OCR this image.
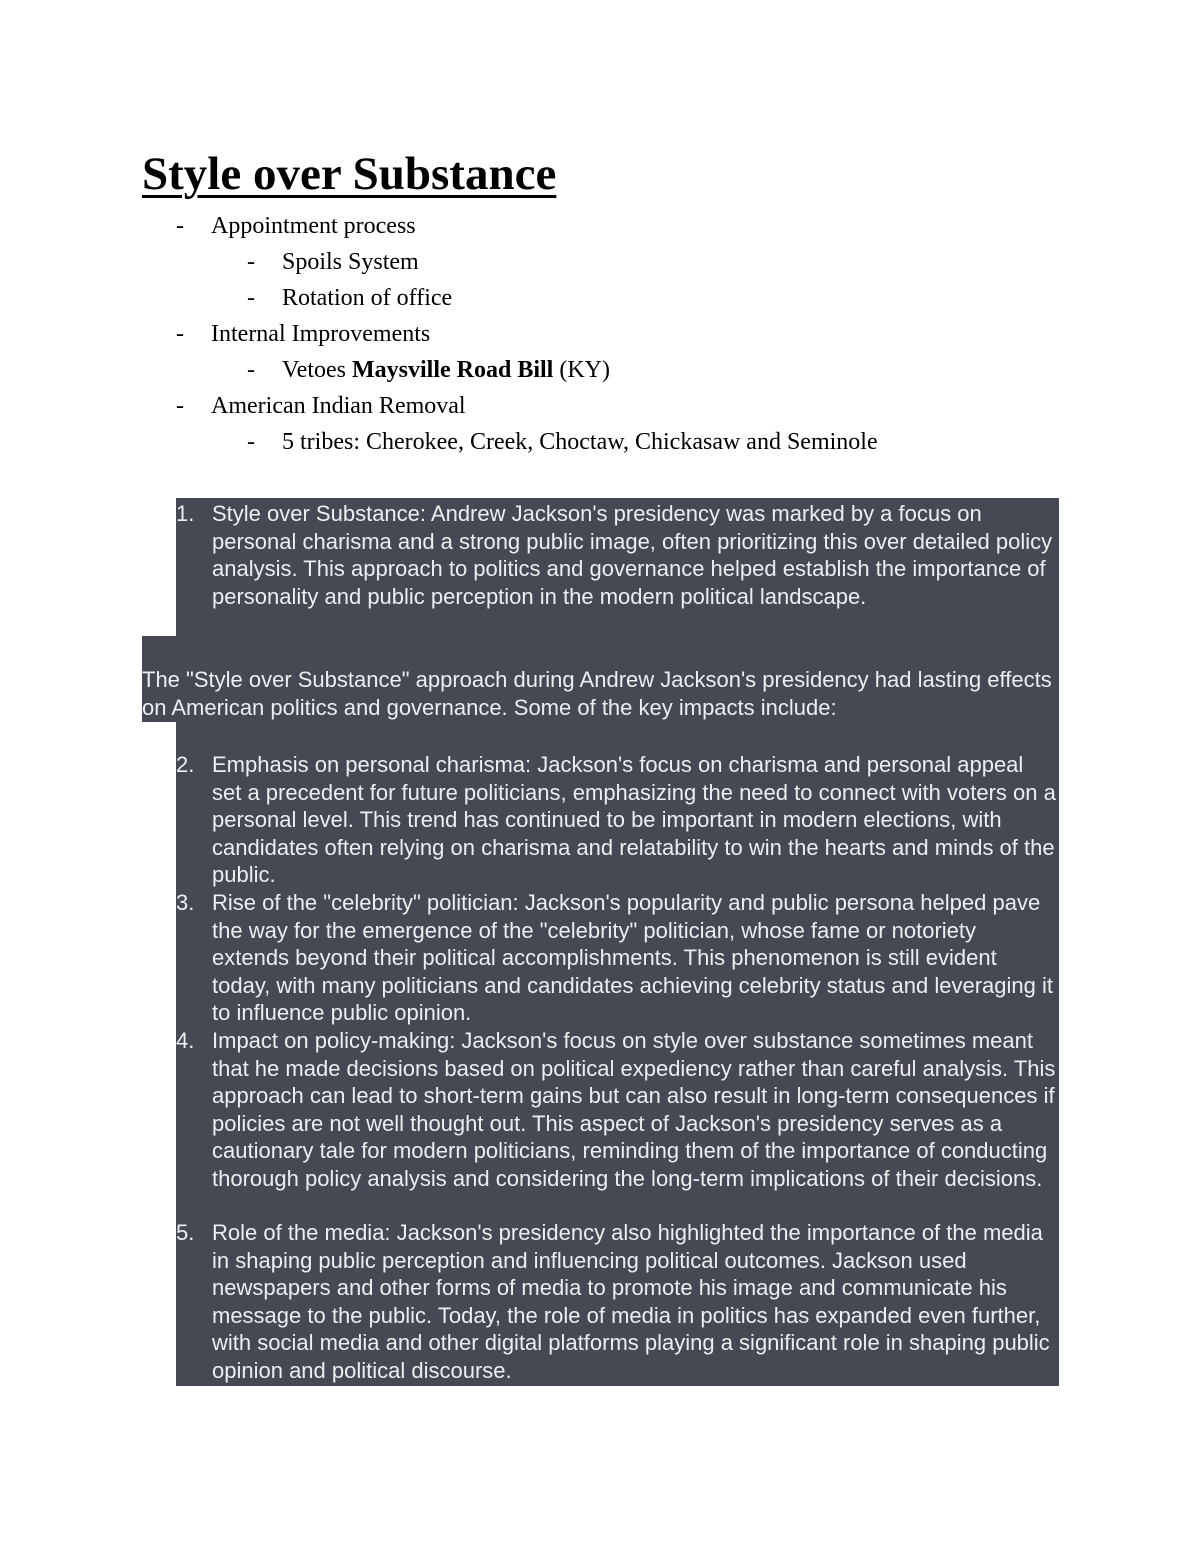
Style over Substance
- Appointment process
- Spoils System
- Rotation of office
- Internal Improvements
- Vetoes Maysville Road Bill (KY)
- American Indian Removal
- 5 tribes: Cherokee, Creek, Choctaw, Chickasaw and Seminole
1. Style over Substance: Andrew Jackson's presidency was marked by a focus on personal charisma and a strong public image, often prioritizing this over detailed policy analysis. This approach to politics and governance helped establish the importance of personality and public perception in the modern political landscape.
The "Style over Substance" approach during Andrew Jackson's presidency had lasting effects on American politics and governance. Some of the key impacts include:
2. Emphasis on personal charisma: Jackson's focus on charisma and personal appeal set a precedent for future politicians, emphasizing the need to connect with voters on a personal level. This trend has continued to be important in modern elections, with candidates often relying on charisma and relatability to win the hearts and minds of the public.
3. Rise of the "celebrity" politician: Jackson's popularity and public persona helped pave the way for the emergence of the "celebrity" politician, whose fame or notoriety extends beyond their political accomplishments. This phenomenon is still evident today, with many politicians and candidates achieving celebrity status and leveraging it to influence public opinion.
4. Impact on policy-making: Jackson's focus on style over substance sometimes meant that he made decisions based on political expediency rather than careful analysis. This approach can lead to short-term gains but can also result in long-term consequences if policies are not well thought out. This aspect of Jackson's presidency serves as a cautionary tale for modern politicians, reminding them of the importance of conducting thorough policy analysis and considering the long-term implications of their decisions.
5. Role of the media: Jackson's presidency also highlighted the importance of the media in shaping public perception and influencing political outcomes. Jackson used newspapers and other forms of media to promote his image and communicate his message to the public. Today, the role of media in politics has expanded even further, with social media and other digital platforms playing a significant role in shaping public opinion and political discourse.
